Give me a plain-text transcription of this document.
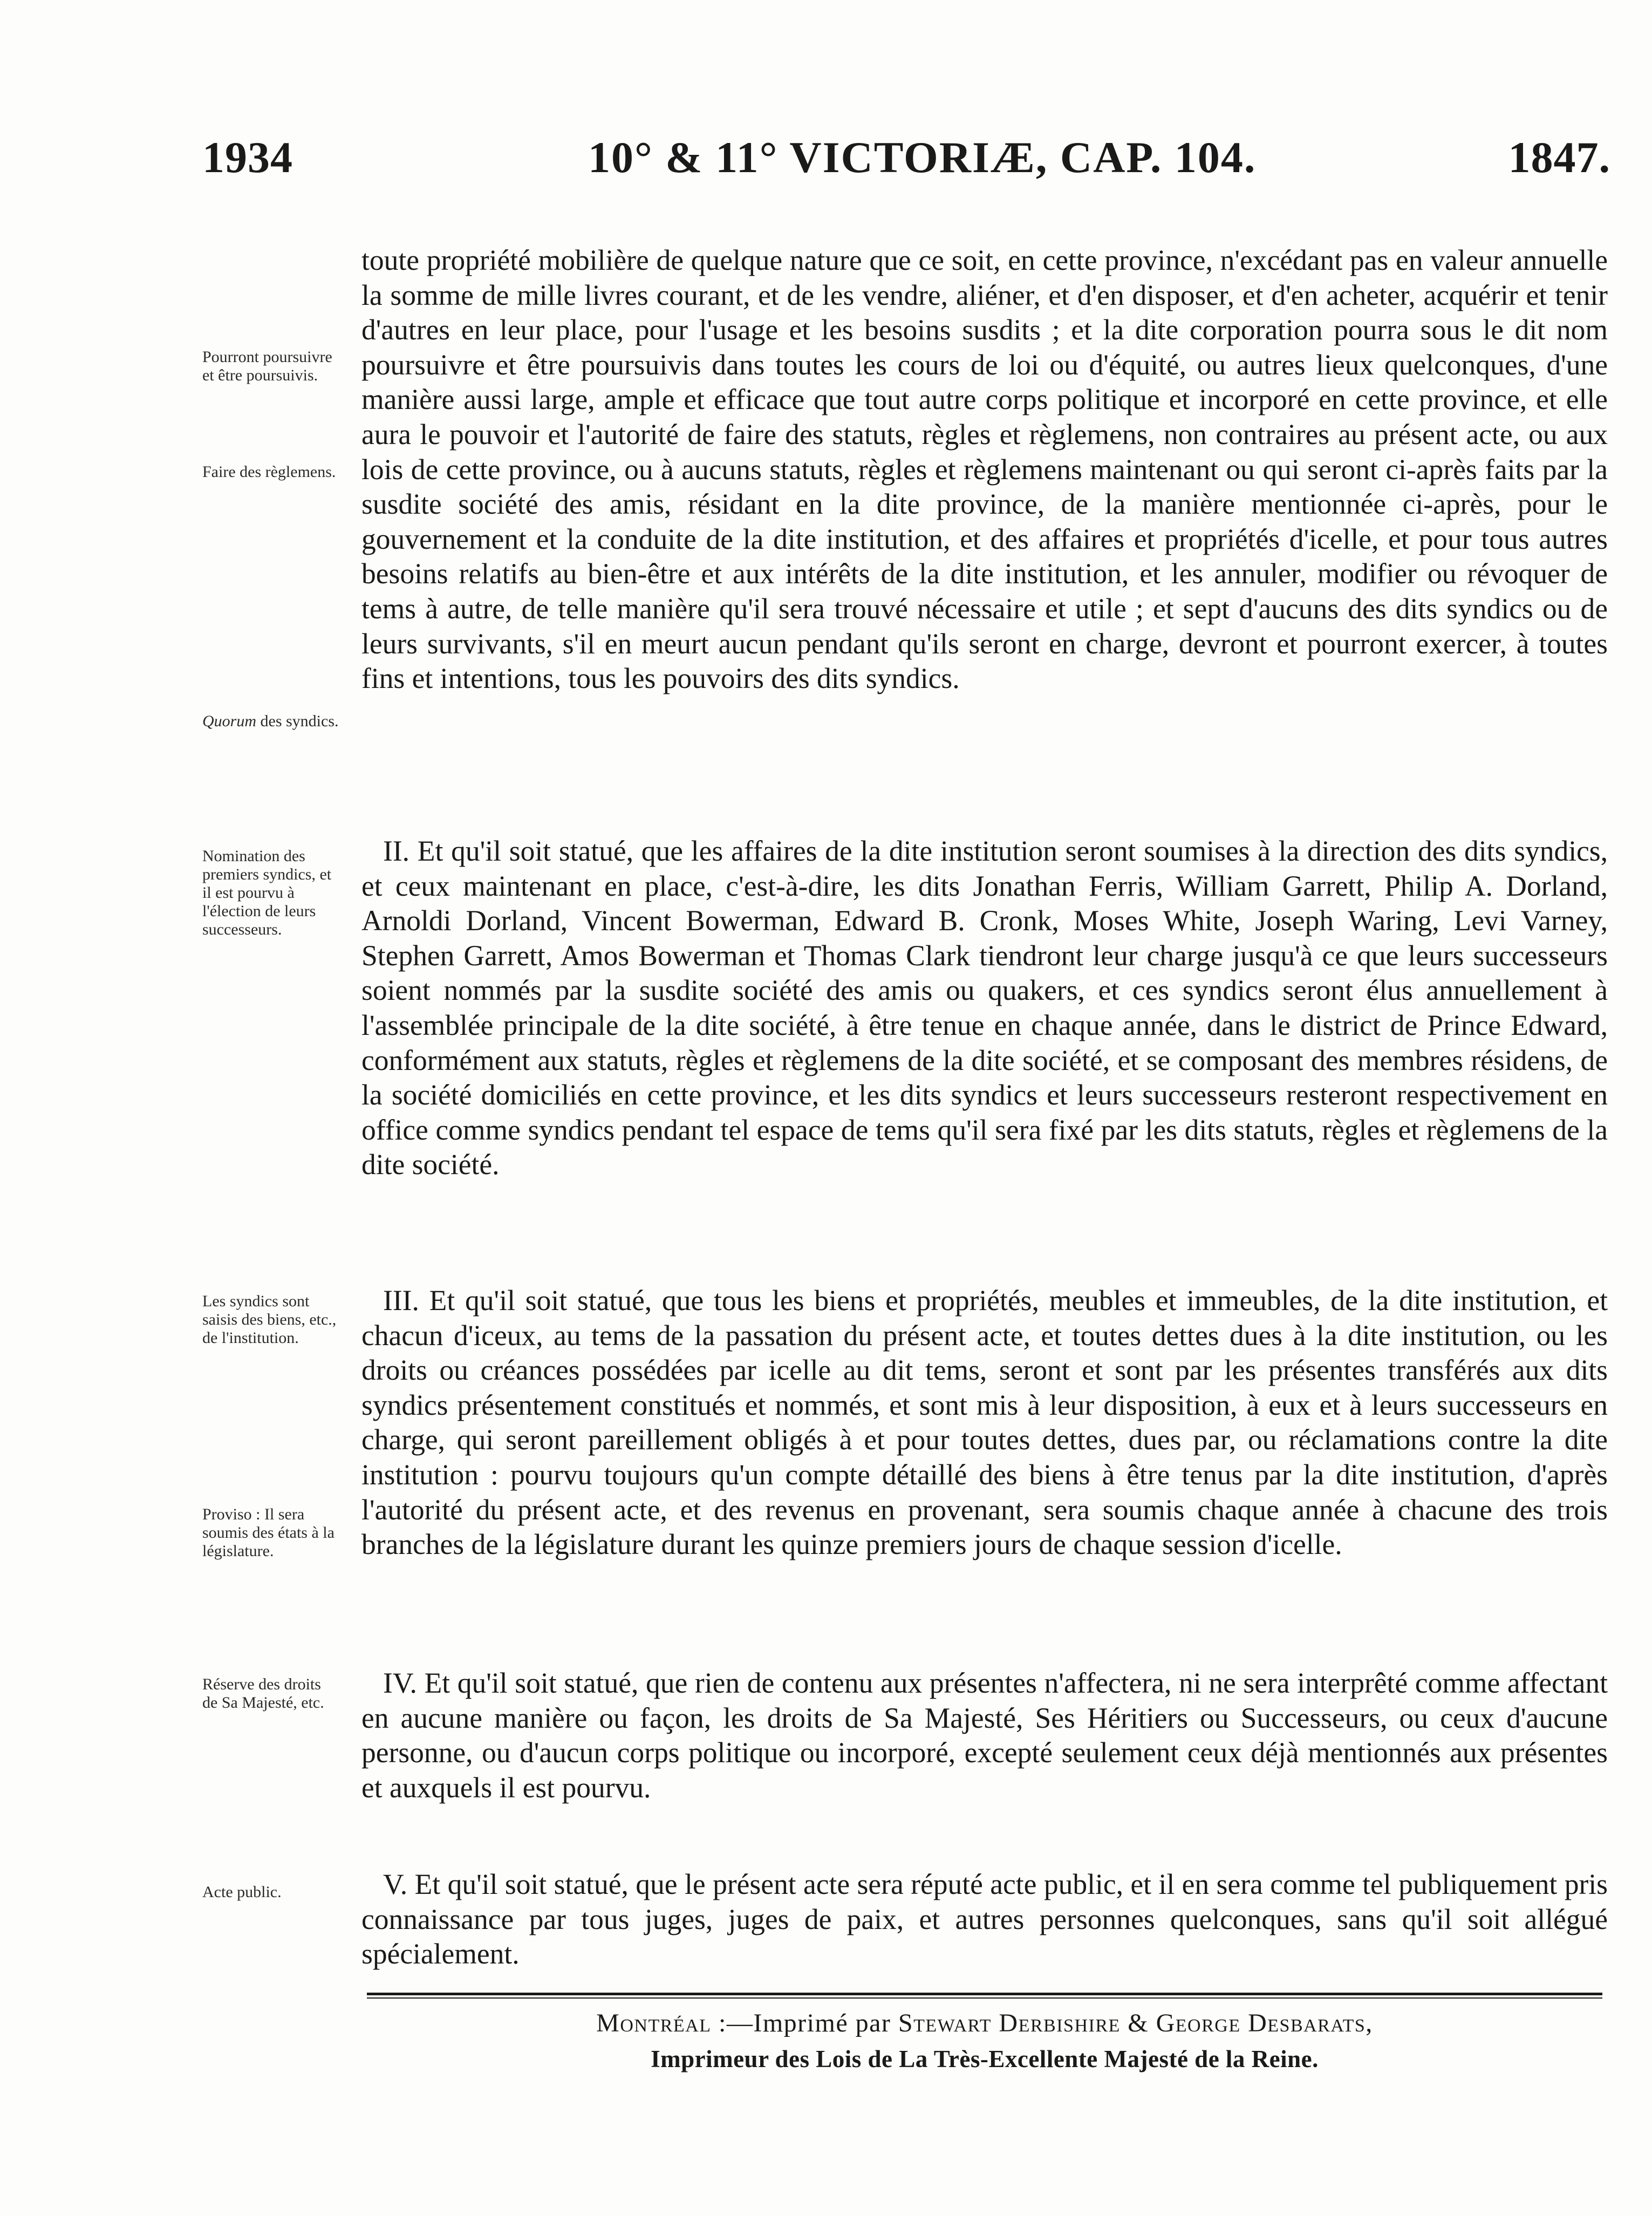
1934	10° & 11° VICTORIÆ, CAP. 104.	1847.
Pourront poursuivre et être poursuivis.
Faire des règlemens.
Quorum des syndics.
Nomination des premiers syndics, et il est pourvu à l'élection de leurs successeurs.
Les syndics sont saisis des biens, etc., de l'institution.
Proviso : Il sera soumis des états à la législature.
Réserve des droits de Sa Majesté, etc.
Acte public.

toute propriété mobilière de quelque nature que ce soit, en cette province, n'excédant pas en valeur annuelle la somme de mille livres courant, et de les vendre, aliéner, et d'en disposer, et d'en acheter, acquérir et tenir d'autres en leur place, pour l'usage et les besoins susdits ; et la dite corporation pourra sous le dit nom poursuivre et être poursuivis dans toutes les cours de loi ou d'équité, ou autres lieux quelconques, d'une manière aussi large, ample et efficace que tout autre corps politique et incorporé en cette province, et elle aura le pouvoir et l'autorité de faire des statuts, règles et règlemens, non contraires au présent acte, ou aux lois de cette province, ou à aucuns statuts, règles et règlemens maintenant ou qui seront ci-après faits par la susdite société des amis, résidant en la dite province, de la manière mentionnée ci-après, pour le gouvernement et la conduite de la dite institution, et des affaires et propriétés d'icelle, et pour tous autres besoins relatifs au bien-être et aux intérêts de la dite institution, et les annuler, modifier ou révoquer de tems à autre, de telle manière qu'il sera trouvé nécessaire et utile ; et sept d'aucuns des dits syndics ou de leurs survivants, s'il en meurt aucun pendant qu'ils seront en charge, devront et pourront exercer, à toutes fins et intentions, tous les pouvoirs des dits syndics.

II. Et qu'il soit statué, que les affaires de la dite institution seront soumises à la direction des dits syndics, et ceux maintenant en place, c'est-à-dire, les dits Jonathan Ferris, William Garrett, Philip A. Dorland, Arnoldi Dorland, Vincent Bowerman, Edward B. Cronk, Moses White, Joseph Waring, Levi Varney, Stephen Garrett, Amos Bowerman et Thomas Clark tiendront leur charge jusqu'à ce que leurs successeurs soient nommés par la susdite société des amis ou quakers, et ces syndics seront élus annuellement à l'assemblée principale de la dite société, à être tenue en chaque année, dans le district de Prince Edward, conformément aux statuts, règles et règlemens de la dite société, et se composant des membres résidens, de la société domiciliés en cette province, et les dits syndics et leurs successeurs resteront respectivement en office comme syndics pendant tel espace de tems qu'il sera fixé par les dits statuts, règles et règlemens de la dite société.

III. Et qu'il soit statué, que tous les biens et propriétés, meubles et immeubles, de la dite institution, et chacun d'iceux, au tems de la passation du présent acte, et toutes dettes dues à la dite institution, ou les droits ou créances possédées par icelle au dit tems, seront et sont par les présentes transférés aux dits syndics présentement constitués et nommés, et sont mis à leur disposition, à eux et à leurs successeurs en charge, qui seront pareillement obligés à et pour toutes dettes, dues par, ou réclamations contre la dite institution : pourvu toujours qu'un compte détaillé des biens à être tenus par la dite institution, d'après l'autorité du présent acte, et des revenus en provenant, sera soumis chaque année à chacune des trois branches de la législature durant les quinze premiers jours de chaque session d'icelle.

IV. Et qu'il soit statué, que rien de contenu aux présentes n'affectera, ni ne sera interprêté comme affectant en aucune manière ou façon, les droits de Sa Majesté, Ses Héritiers ou Successeurs, ou ceux d'aucune personne, ou d'aucun corps politique ou incorporé, excepté seulement ceux déjà mentionnés aux présentes et auxquels il est pourvu.

V. Et qu'il soit statué, que le présent acte sera réputé acte public, et il en sera comme tel publiquement pris connaissance par tous juges, juges de paix, et autres personnes quelconques, sans qu'il soit allégué spécialement.

Montréal :—Imprimé par Stewart Derbishire & George Desbarats,
Imprimeur des Lois de La Très-Excellente Majesté de la Reine.
